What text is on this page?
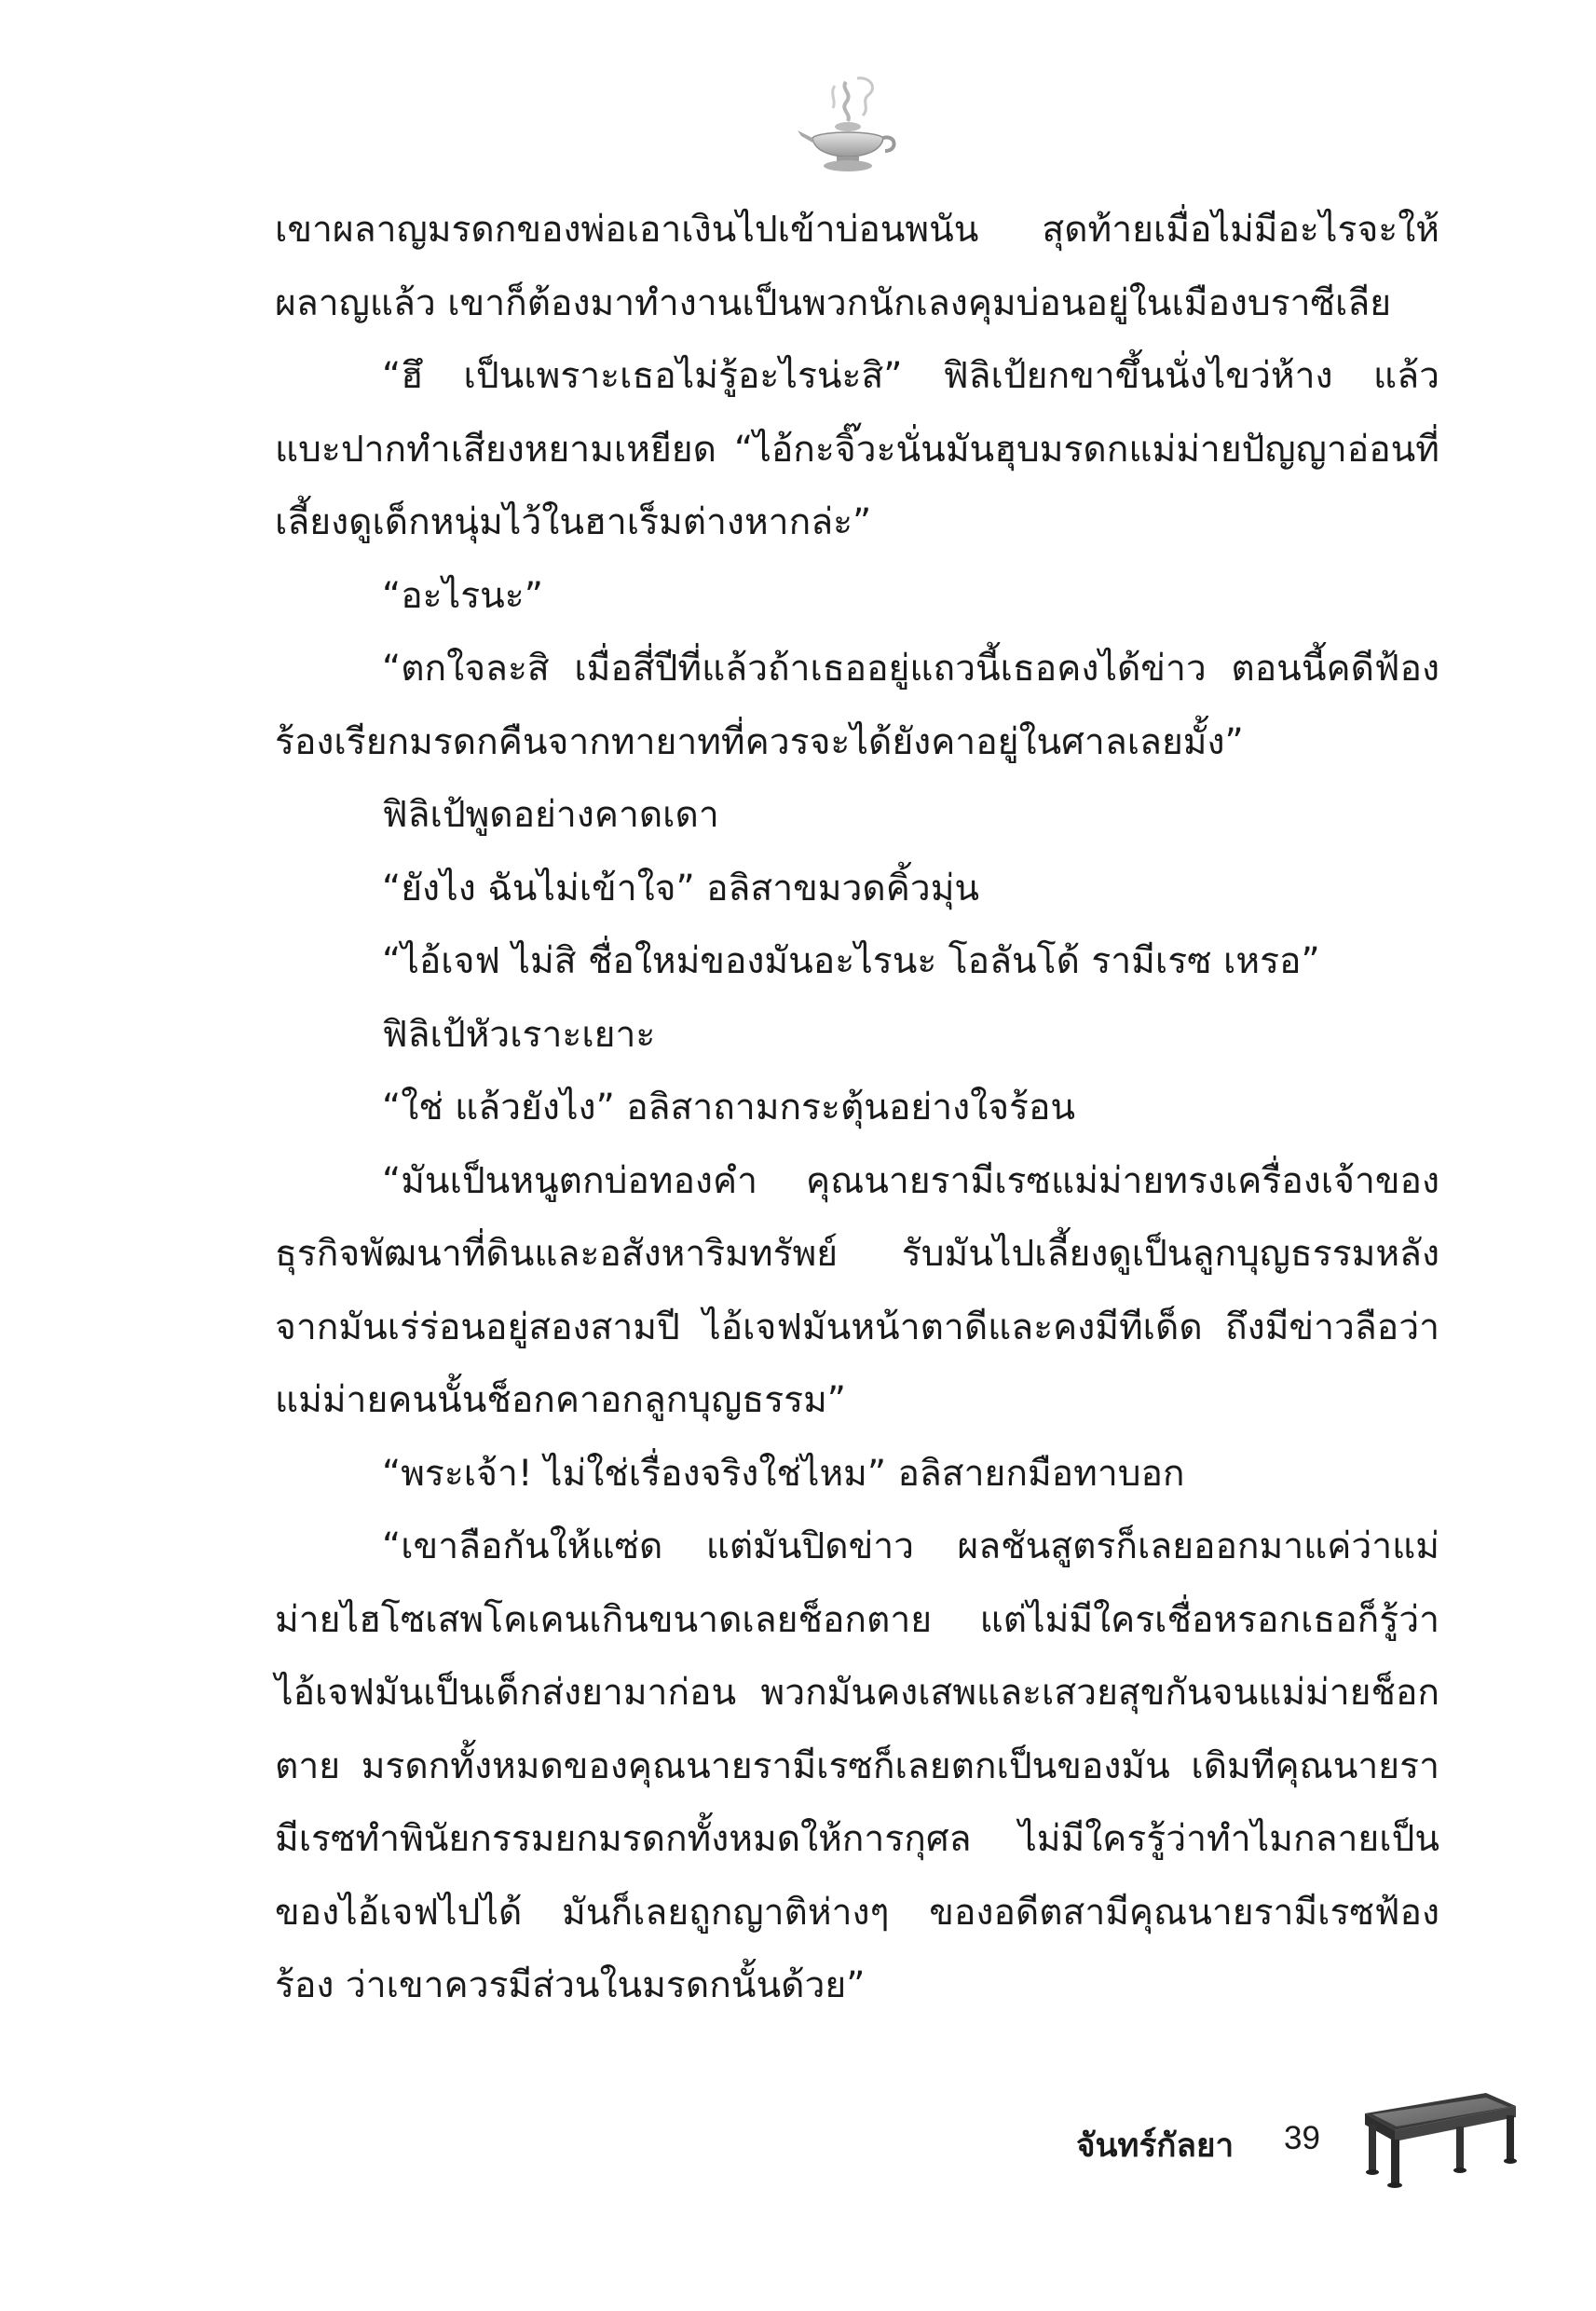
เขาผลาญมรดกของพ่อเอาเงินไปเข้าบ่อนพนัน สุดท้ายเมื่อไม่มีอะไรจะให้ผลาญแล้ว เขาก็ต้องมาทำงานเป็นพวกนักเลงคุมบ่อนอยู่ในเมืองบราซีเลีย

“ฮึ เป็นเพราะเธอไม่รู้อะไรน่ะสิ” ฟิลิเป้ยกขาขึ้นนั่งไขว่ห้าง แล้วแบะปากทำเสียงหยามเหยียด “ไอ้กะจิ๊วะนั่นมันฮุบมรดกแม่ม่ายปัญญาอ่อนที่เลี้ยงดูเด็กหนุ่มไว้ในฮาเร็มต่างหากล่ะ”

“อะไรนะ”

“ตกใจละสิ เมื่อสี่ปีที่แล้วถ้าเธออยู่แถวนี้เธอคงได้ข่าว ตอนนี้คดีฟ้องร้องเรียกมรดกคืนจากทายาทที่ควรจะได้ยังคาอยู่ในศาลเลยมั้ง”

ฟิลิเป้พูดอย่างคาดเดา

“ยังไง ฉันไม่เข้าใจ” อลิสาขมวดคิ้วมุ่น

“ไอ้เจฟ ไม่สิ ชื่อใหม่ของมันอะไรนะ โอลันโด้ รามีเรซ เหรอ”

ฟิลิเป้หัวเราะเยาะ

“ใช่ แล้วยังไง” อลิสาถามกระตุ้นอย่างใจร้อน

“มันเป็นหนูตกบ่อทองคำ คุณนายรามีเรซแม่ม่ายทรงเครื่องเจ้าของธุรกิจพัฒนาที่ดินและอสังหาริมทรัพย์ รับมันไปเลี้ยงดูเป็นลูกบุญธรรมหลังจากมันเร่ร่อนอยู่สองสามปี ไอ้เจฟมันหน้าตาดีและคงมีทีเด็ด ถึงมีข่าวลือว่าแม่ม่ายคนนั้นช็อกคาอกลูกบุญธรรม”

“พระเจ้า! ไม่ใช่เรื่องจริงใช่ไหม” อลิสายกมือทาบอก

“เขาลือกันให้แซ่ด แต่มันปิดข่าว ผลชันสูตรก็เลยออกมาแค่ว่าแม่ม่ายไฮโซเสพโคเคนเกินขนาดเลยช็อกตาย แต่ไม่มีใครเชื่อหรอกเธอก็รู้ว่าไอ้เจฟมันเป็นเด็กส่งยามาก่อน พวกมันคงเสพและเสวยสุขกันจนแม่ม่ายช็อกตาย มรดกทั้งหมดของคุณนายรามีเรซก็เลยตกเป็นของมัน เดิมทีคุณนายรามีเรซทำพินัยกรรมยกมรดกทั้งหมดให้การกุศล ไม่มีใครรู้ว่าทำไมกลายเป็นของไอ้เจฟไปได้ มันก็เลยถูกญาติห่างๆ ของอดีตสามีคุณนายรามีเรซฟ้องร้อง ว่าเขาควรมีส่วนในมรดกนั้นด้วย”

จันทร์กัลยา 39
